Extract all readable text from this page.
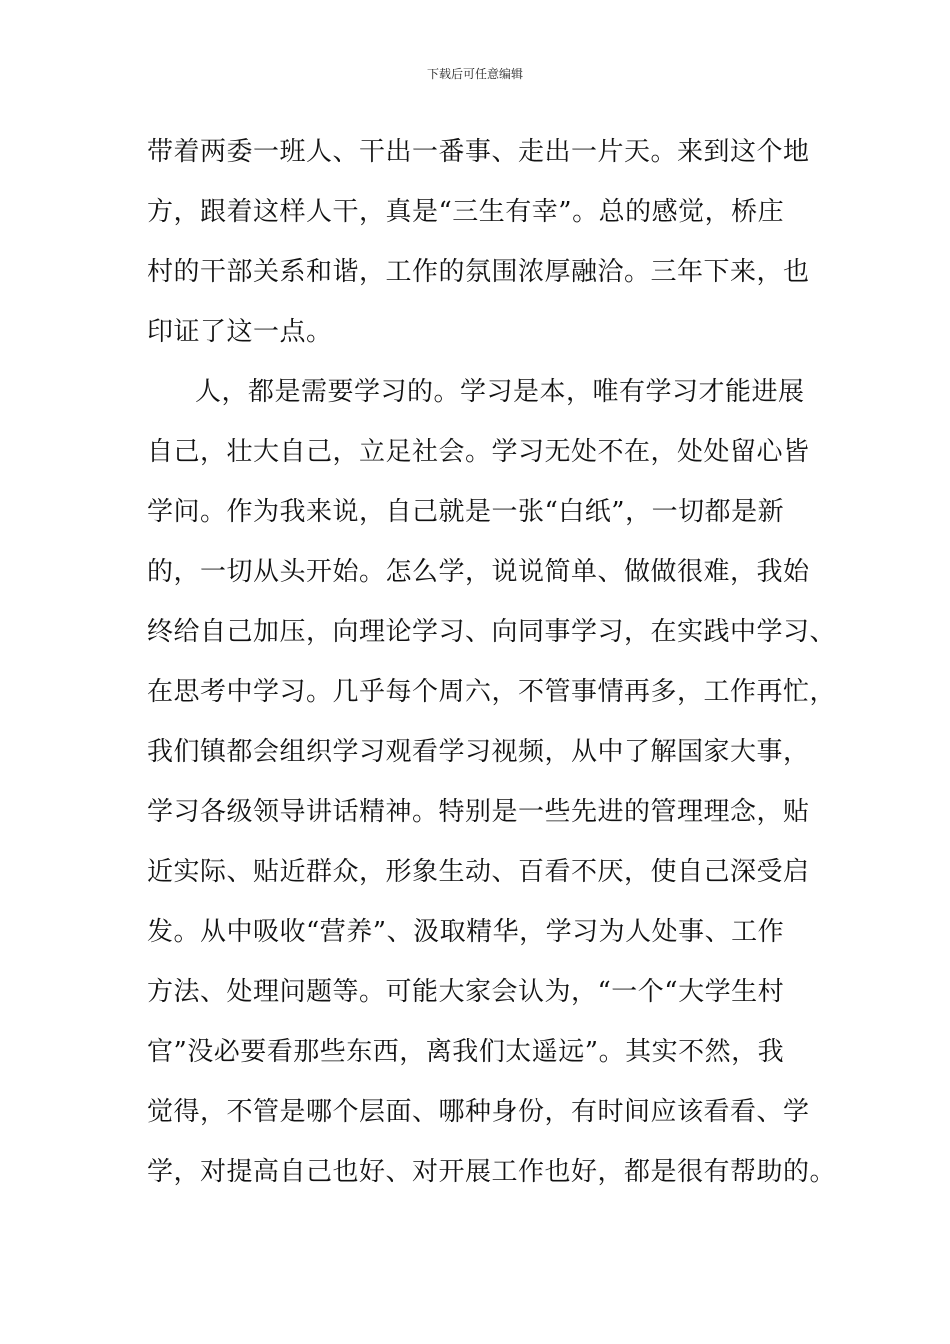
下载后可任意编辑
带着两委一班人、干出一番事、走出一片天。来到这个地
方，跟着这样人干，真是“三生有幸”。总的感觉，桥庄
村的干部关系和谐，工作的氛围浓厚融洽。三年下来，也
印证了这一点。
人，都是需要学习的。学习是本，唯有学习才能进展
自己，壮大自己，立足社会。学习无处不在，处处留心皆
学问。作为我来说，自己就是一张“白纸”，一切都是新
的，一切从头开始。怎么学，说说简单、做做很难，我始
终给自己加压，向理论学习、向同事学习，在实践中学习、
在思考中学习。几乎每个周六，不管事情再多，工作再忙，
我们镇都会组织学习观看学习视频，从中了解国家大事，
学习各级领导讲话精神。特别是一些先进的管理理念，贴
近实际、贴近群众，形象生动、百看不厌，使自己深受启
发。从中吸收“营养”、汲取精华，学习为人处事、工作
方法、处理问题等。可能大家会认为，“一个“大学生村
官”没必要看那些东西，离我们太遥远”。其实不然，我
觉得，不管是哪个层面、哪种身份，有时间应该看看、学
学，对提高自己也好、对开展工作也好，都是很有帮助的。
